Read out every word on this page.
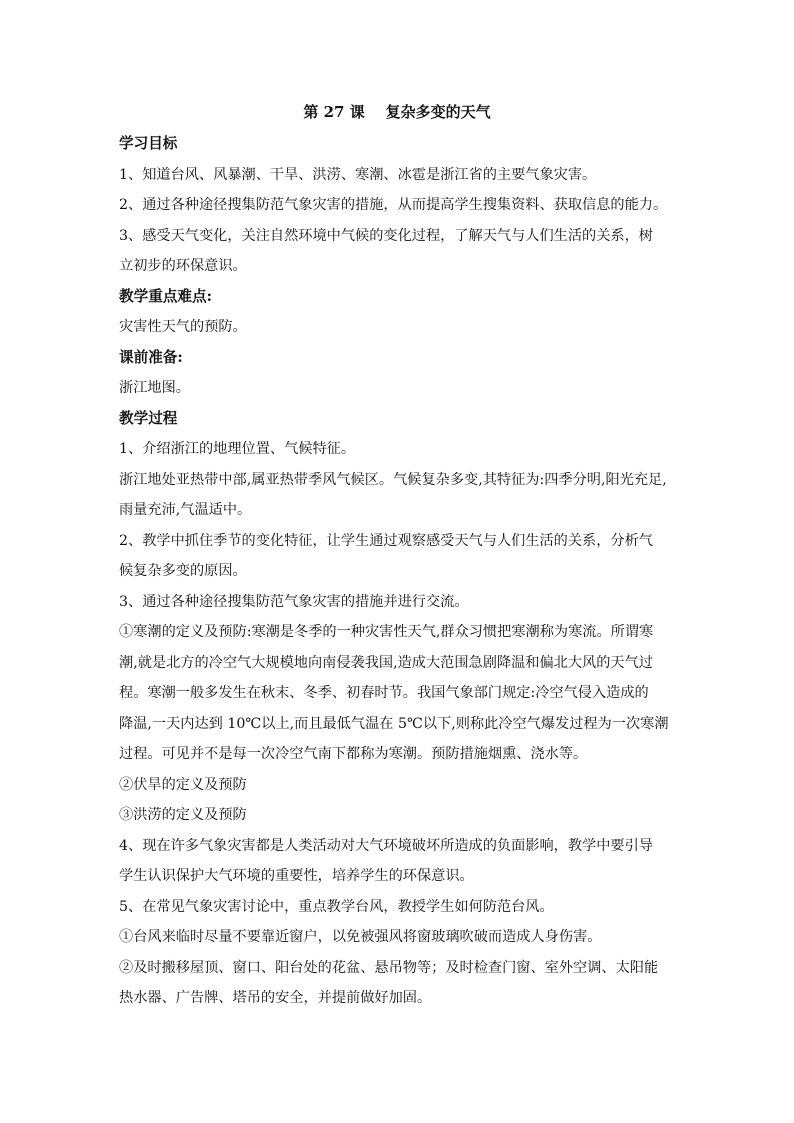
第 27 课    复杂多变的天气
学习目标
1、知道台风、风暴潮、干旱、洪涝、寒潮、冰雹是浙江省的主要气象灾害。
2、通过各种途径搜集防范气象灾害的措施，从而提高学生搜集资料、获取信息的能力。
3、感受天气变化，关注自然环境中气候的变化过程，了解天气与人们生活的关系，树
立初步的环保意识。
教学重点难点:
灾害性天气的预防。
课前准备:
浙江地图。
教学过程
1、介绍浙江的地理位置、气候特征。
浙江地处亚热带中部,属亚热带季风气候区。气候复杂多变,其特征为:四季分明,阳光充足,
雨量充沛,气温适中。
2、教学中抓住季节的变化特征，让学生通过观察感受天气与人们生活的关系，分析气
候复杂多变的原因。
3、通过各种途径搜集防范气象灾害的措施并进行交流。
①寒潮的定义及预防:寒潮是冬季的一种灾害性天气,群众习惯把寒潮称为寒流。所谓寒
潮,就是北方的冷空气大规模地向南侵袭我国,造成大范围急剧降温和偏北大风的天气过
程。寒潮一般多发生在秋末、冬季、初春时节。我国气象部门规定:冷空气侵入造成的
降温,一天内达到 10℃以上,而且最低气温在 5℃以下,则称此冷空气爆发过程为一次寒潮
过程。可见并不是每一次冷空气南下都称为寒潮。预防措施烟熏、浇水等。
②伏旱的定义及预防
③洪涝的定义及预防
4、现在许多气象灾害都是人类活动对大气环境破坏所造成的负面影响，教学中要引导
学生认识保护大气环境的重要性，培养学生的环保意识。
5、在常见气象灾害讨论中，重点教学台风，教授学生如何防范台风。
①台风来临时尽量不要靠近窗户，以免被强风将窗玻璃吹破而造成人身伤害。
②及时搬移屋顶、窗口、阳台处的花盆、悬吊物等；及时检查门窗、室外空调、太阳能
热水器、广告牌、塔吊的安全，并提前做好加固。
